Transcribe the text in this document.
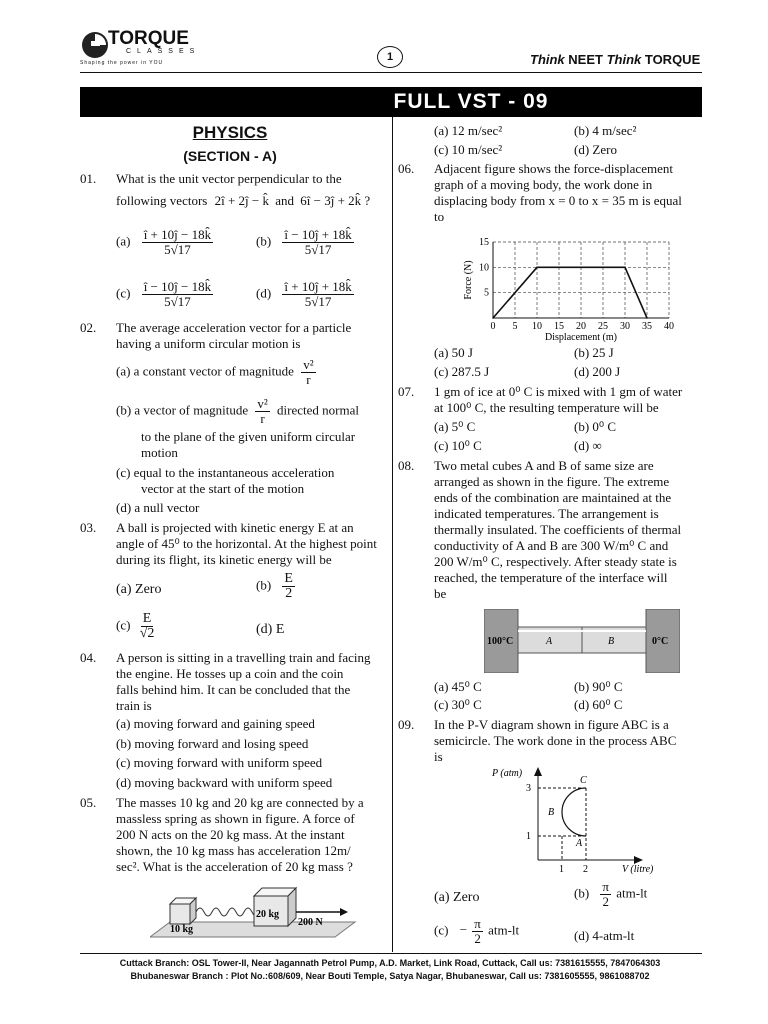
TORQUE
CLASSES
Shaping the power in YOU	1	Think NEET Think TORQUE
FULL VST - 09
PHYSICS
(SECTION - A)
01. What is the unit vector perpendicular to the
following vectors 2î + 2ĵ − k̂ and 6î − 3ĵ + 2k̂ ?
$(a) \frac{î + 10ĵ - 18k̂}{5√17}$	$(b) \frac{î - 10ĵ + 18k̂}{5√17}$
$(c) \frac{î - 10ĵ - 18k̂}{5√17}$	$(d) \frac{î + 10ĵ + 18k̂}{5√17}$
02. The average acceleration vector for a particle
having a uniform circular motion is
(a) a constant vector of magnitude $\frac{\text{v²}}{r}$
(b) a vector of magnitude $\frac{\text{v²}}{r}$ directed normal
to the plane of the given uniform circular
motion
(c) equal to the instantaneous acceleration
vector at the start of the motion
(d) a null vector
03. A ball is projected with kinetic energy E at an
angle of 45⁰ to the horizontal. At the highest point
during its flight, its kinetic energy will be
(a) Zero	$(b) \frac{E}{2}$
$(c) \frac{E}{√2}$	(d) E
04. A person is sitting in a travelling train and facing
the engine. He tosses up a coin and the coin
falls behind him. It can be concluded that the
train is
(a) moving forward and gaining speed
(b) moving forward and losing speed
(c) moving forward with uniform speed
(d) moving backward with uniform speed
05. The masses 10 kg and 20 kg are connected by a
massless spring as shown in figure. A force of
200 N acts on the 20 kg mass. At the instant
shown, the 10 kg mass has acceleration 12m/
sec². What is the acceleration of 20 kg mass ?
10 kg
20 kg
200 N
(a) 12 m/sec²	(b) 4 m/sec²
(c) 10 m/sec²	(d) Zero
06. Adjacent figure shows the force-displacement
graph of a moving body, the work done in
displacing body from x = 0 to x = 35 m is equal
to
0 5 10 15 20 25 30 35 40
5
10
15
Displacement (m)
Force (N)
(a) 50 J	(b) 25 J
(c) 287.5 J	(d) 200 J
07. 1 gm of ice at 0⁰ C is mixed with 1 gm of water
at 100⁰ C, the resulting temperature will be
(a) 5⁰ C	(b) 0⁰ C
(c) 10⁰ C	(d) ∞
08. Two metal cubes A and B of same size are
arranged as shown in the figure. The extreme
ends of the combination are maintained at the
indicated temperatures. The arrangement is
thermally insulated. The coefficients of thermal
conductivity of A and B are 300 W/m⁰ C and
200 W/m⁰ C, respectively. After steady state is
reached, the temperature of the interface will
be
100°C	A	B	0°C
(a) 45⁰ C	(b) 90⁰ C
(c) 30⁰ C	(d) 60⁰ C
09. In the P-V diagram shown in figure ABC is a
semicircle. The work done in the process ABC
is
P (atm)
V (litre)
3
1
1 2
A
B
C
(a) Zero	$(b) \frac{\pi}{2} atm-lt$
$(c) - \frac{\pi}{2} atm-lt$	(d) 4-atm-lt
Cuttack Branch: OSL Tower-II, Near Jagannath Petrol Pump, A.D. Market, Link Road, Cuttack, Call us: 7381615555, 7847064303
Bhubaneswar Branch : Plot No.:608/609, Near Bouti Temple, Satya Nagar, Bhubaneswar, Call us: 7381605555, 9861088702
